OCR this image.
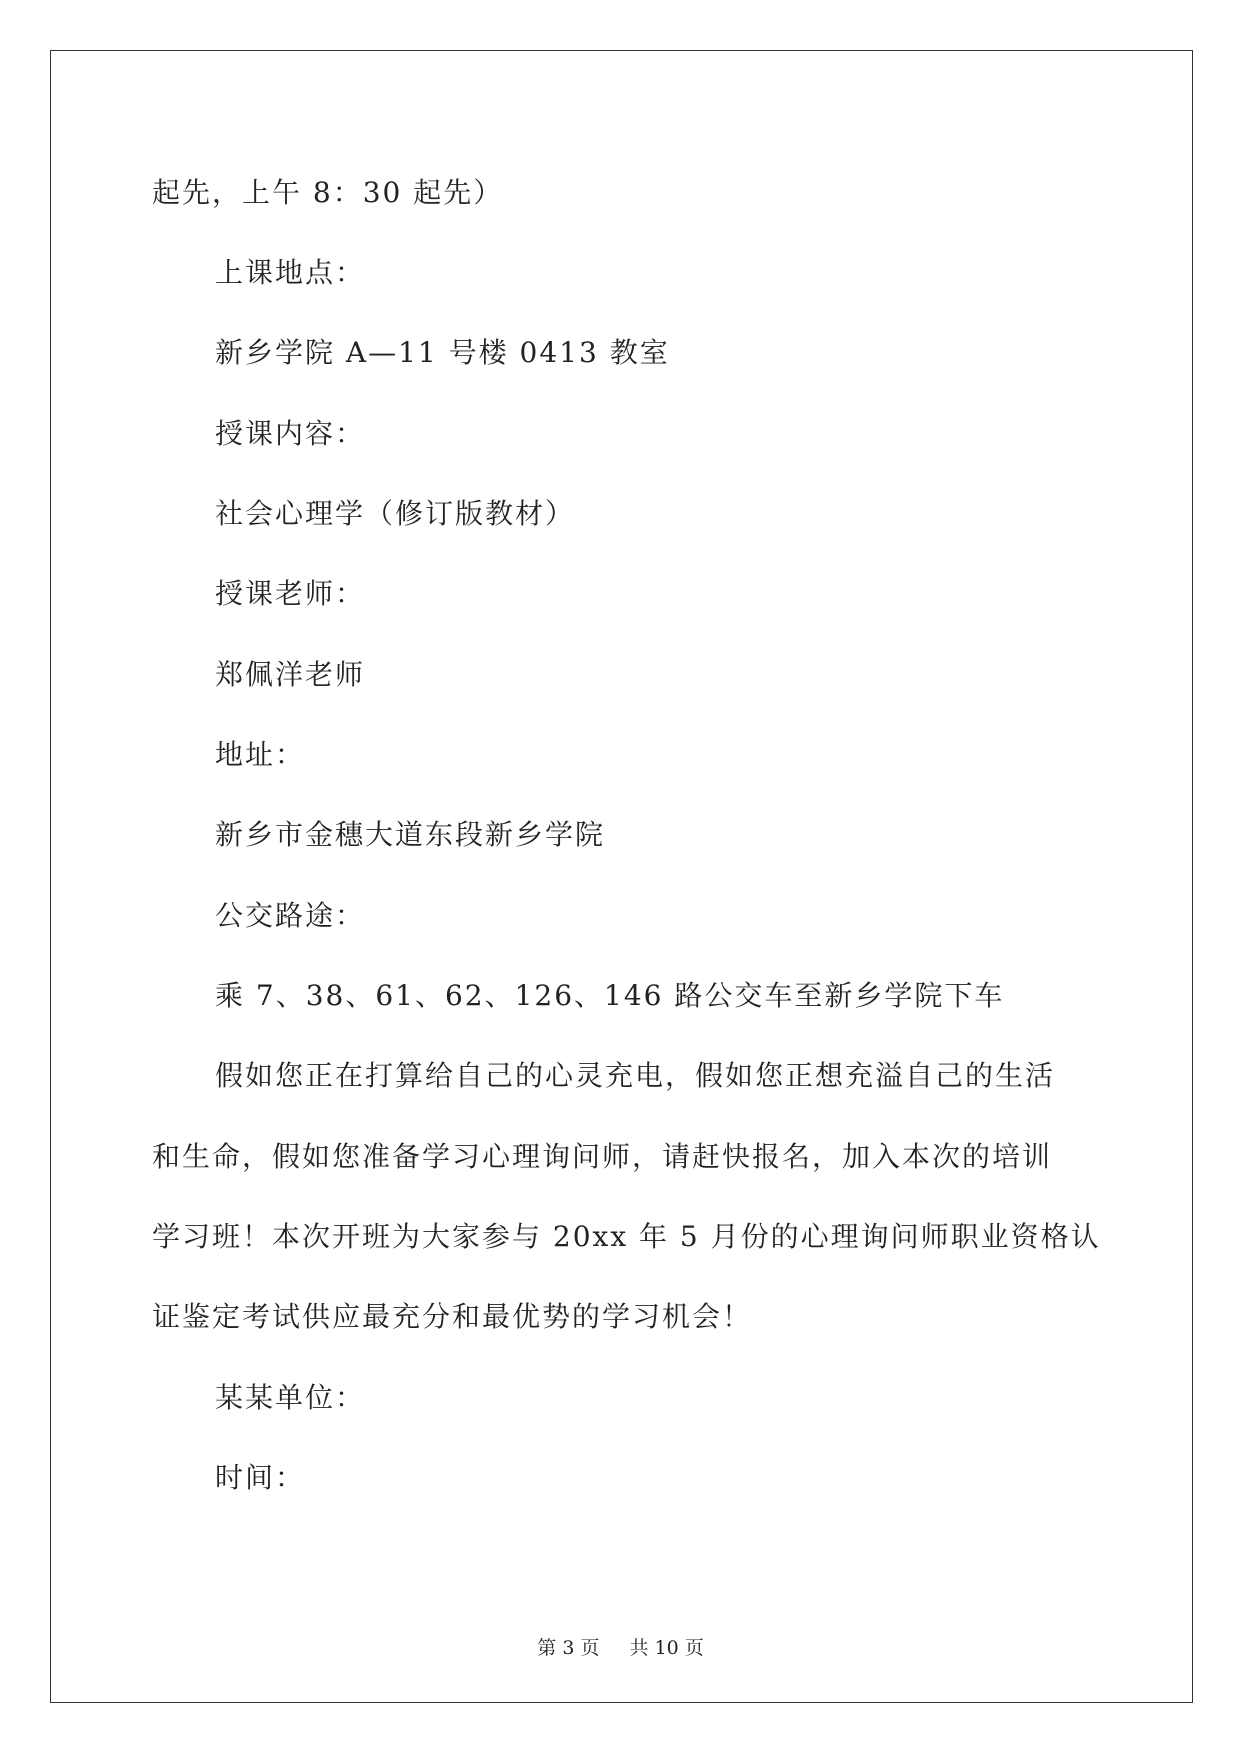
起先，上午 8：30 起先）
上课地点：
新乡学院 A—11 号楼 0413 教室
授课内容：
社会心理学（修订版教材）
授课老师：
郑佩洋老师
地址：
新乡市金穗大道东段新乡学院
公交路途：
乘 7、38、61、62、126、146 路公交车至新乡学院下车
假如您正在打算给自己的心灵充电，假如您正想充溢自己的生活
和生命，假如您准备学习心理询问师，请赶快报名，加入本次的培训
学习班！本次开班为大家参与 20xx 年 5 月份的心理询问师职业资格认
证鉴定考试供应最充分和最优势的学习机会！
某某单位：
时间：
第 3 页 共 10 页
